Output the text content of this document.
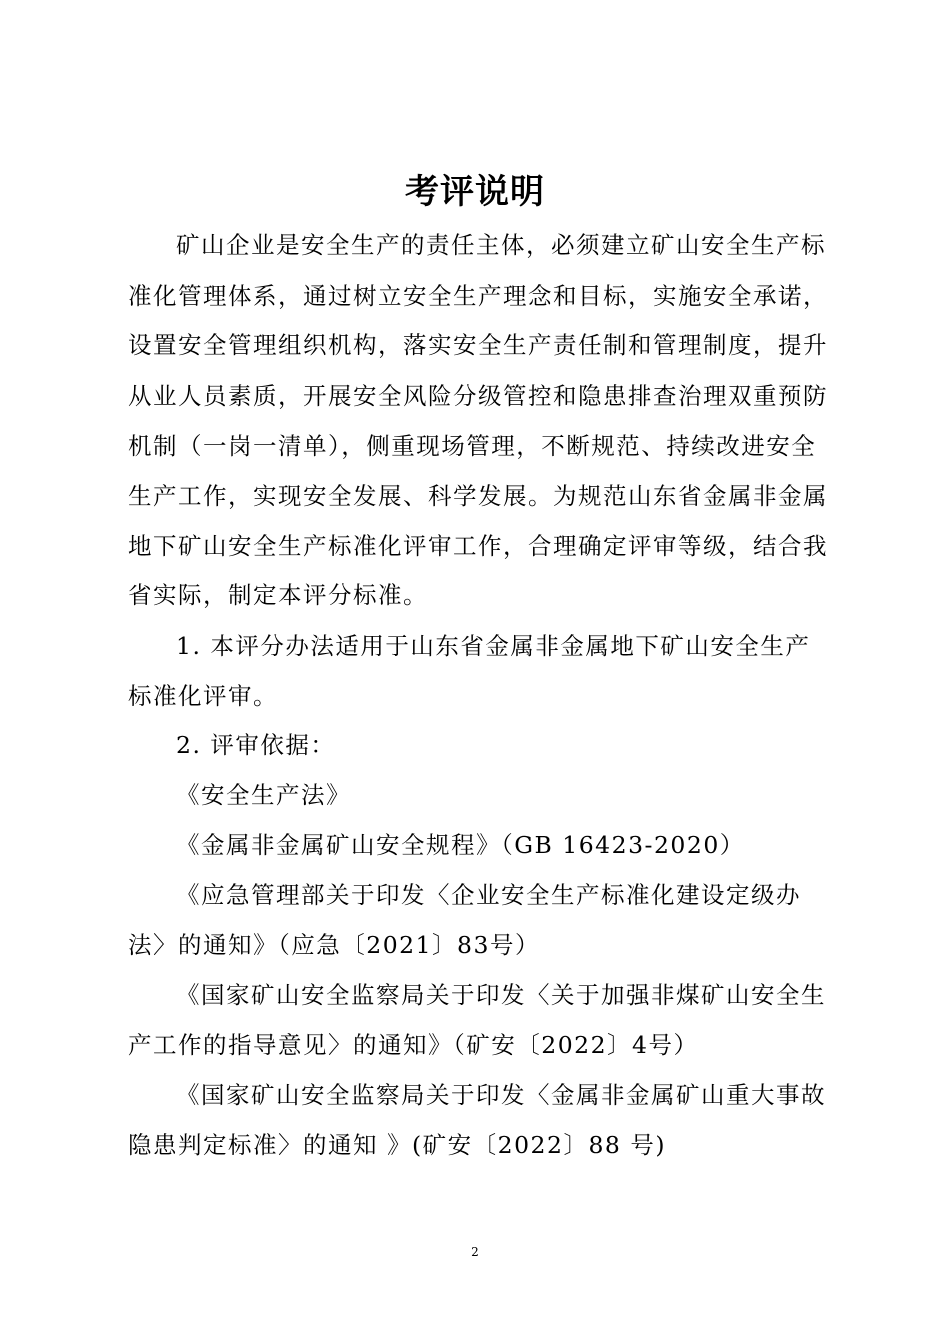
考评说明
矿山企业是安全生产的责任主体，必须建立矿山安全生产标
准化管理体系，通过树立安全生产理念和目标，实施安全承诺，
设置安全管理组织机构，落实安全生产责任制和管理制度，提升
从业人员素质，开展安全风险分级管控和隐患排查治理双重预防
机制（一岗一清单），侧重现场管理，不断规范、持续改进安全
生产工作，实现安全发展、科学发展。为规范山东省金属非金属
地下矿山安全生产标准化评审工作，合理确定评审等级，结合我
省实际，制定本评分标准。
1. 本评分办法适用于山东省金属非金属地下矿山安全生产
标准化评审。
2. 评审依据：
《安全生产法》
《金属非金属矿山安全规程》（GB 16423-2020）
《应急管理部关于印发〈企业安全生产标准化建设定级办
法〉的通知》（应急〔2021〕83号）
《国家矿山安全监察局关于印发〈关于加强非煤矿山安全生
产工作的指导意见〉的通知》（矿安〔2022〕4号）
《国家矿山安全监察局关于印发〈金属非金属矿山重大事故
隐患判定标准〉的通知 》(矿安〔2022〕88 号)
2
